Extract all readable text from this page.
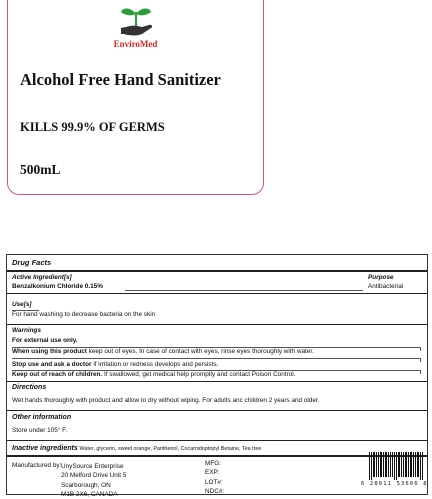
EnviroMed
Alcohol Free Hand Sanitizer
KILLS 99.9% OF GERMS
500mL
Drug Facts
Active Ingredient[s]	Purpose
Benzalkonium Chloride 0.15%	Antibacterial
Use[s]
For hand washing to decrease bacteria on the skin
Warnings
For external use only.
When using this product keep out of eyes. In case of contact with eyes, rinse eyes thoroughly with water.
Stop use and ask a doctor if irritation or redness develops and persists.
Keep out of reach of children. If swallowed, get medical help promptly and contact Poison Control.
Directions
Wet hands thoroughly with product and allow to dry without wiping. For adults anc children 2 years and older.
Other information
Store under 105° F.
Inactive ingredients Water, glycerin, sweet orange, Panthenol, Cocamidoptopyl Betaine, Tea tree
Manufactured by: UnySource Enterprise
20 Melford Drive Unit 5
Scarborough, ON
M1B 2X6, CANADA
MFG:
EXP:
LOT#:
NDC#:
6 28011 53606 8
